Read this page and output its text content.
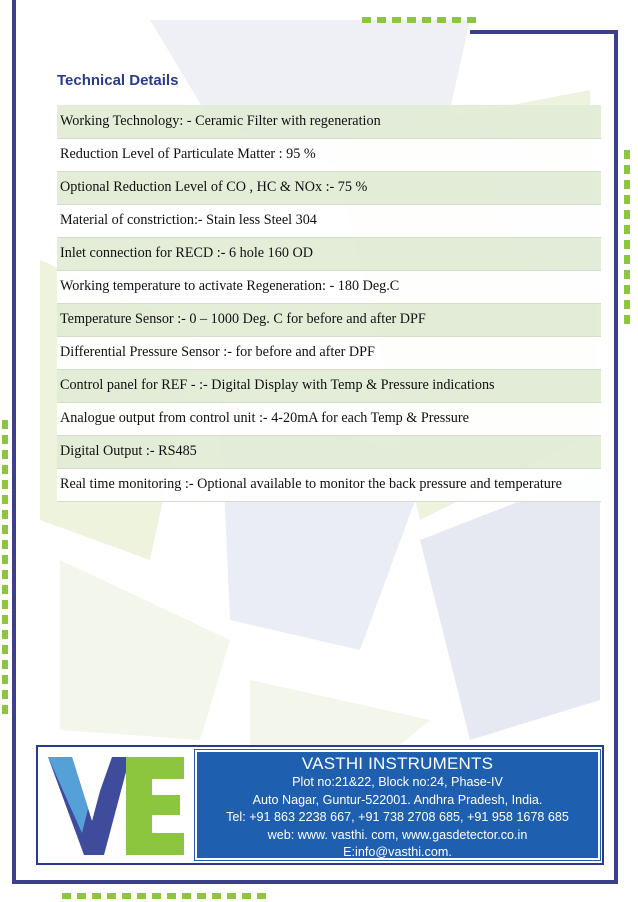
Technical Details
Working Technology: - Ceramic Filter with regeneration
Reduction Level of Particulate Matter : 95 %
Optional Reduction Level of CO , HC & NOx :- 75 %
Material of constriction:- Stain less Steel 304
Inlet connection for RECD :- 6 hole 160 OD
Working temperature to activate Regeneration: - 180 Deg.C
Temperature Sensor :- 0 – 1000 Deg. C for before and after DPF
Differential Pressure Sensor :- for before and after DPF
Control panel for REF - :- Digital Display with Temp & Pressure indications
Analogue output from control unit :- 4-20mA for each Temp & Pressure
Digital Output :- RS485
Real time monitoring :- Optional available to monitor the back pressure and temperature
VASTHI INSTRUMENTS
Plot no:21&22, Block no:24, Phase-IV
Auto Nagar, Guntur-522001. Andhra Pradesh, India.
Tel: +91 863 2238 667, +91 738 2708 685, +91 958 1678 685
web: www. vasthi. com, www.gasdetector.co.in
E:info@vasthi.com.
